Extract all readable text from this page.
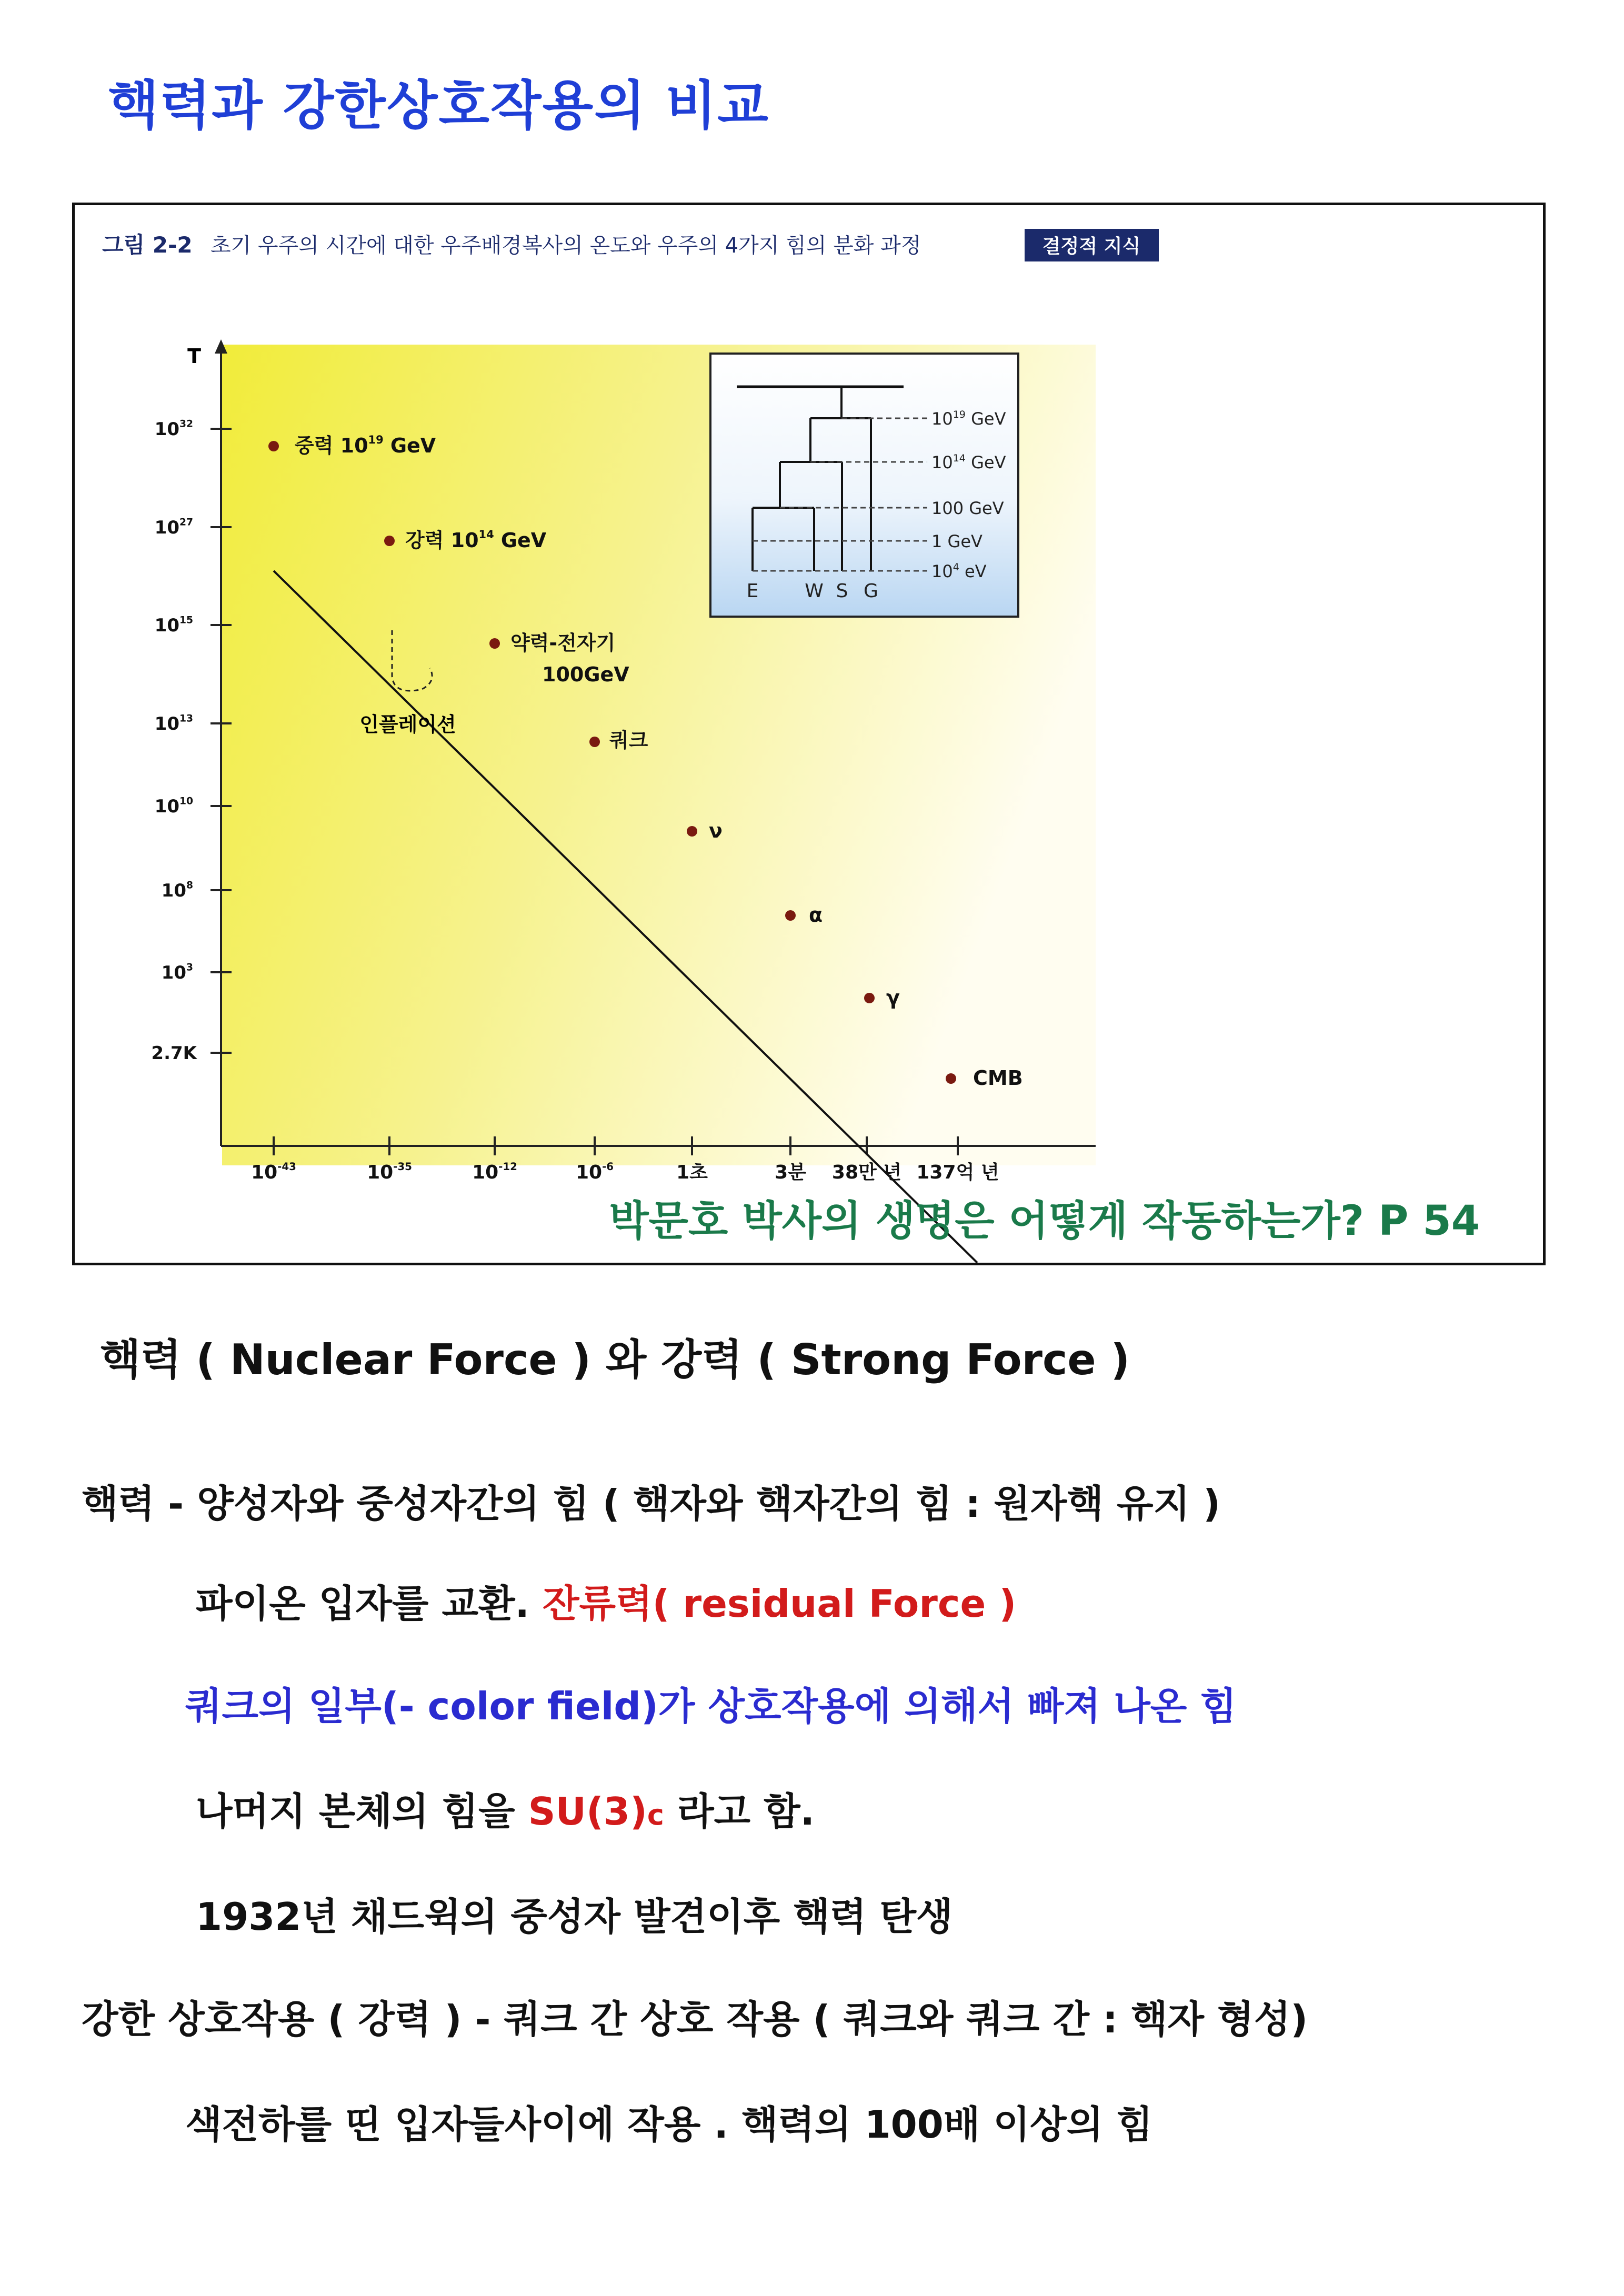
핵력과 강한상호작용의 비교
그림 2-2 초기 우주의 시간에 대한 우주배경복사의 온도와 우주의 4가지 힘의 분화 과정	결정적 지식
T
$10^{32}$
$10^{27}$
$10^{15}$
$10^{13}$
$10^{10}$
$10^8$
$10^3$
2.7K
$10^{-43}$	$10^{-35}$	$10^{-12}$	$10^{-6}$	1초	3분 38만 년 137억 년
중력 $10^{19}$ GeV
강력 $10^{14}$ GeV
약력-전자기
100GeV
쿼크
ν
α
γ
CMB
인플레이션
$10^{19}$ GeV
$10^{14}$ GeV
100 GeV
1 GeV
$10^4$ eV
E W S G
박문호 박사의 생명은 어떻게 작동하는가? P 54
핵력 ( Nuclear Force ) 와 강력 ( Strong Force )
핵력 - 양성자와 중성자간의 힘 ( 핵자와 핵자간의 힘 : 원자핵 유지 )
파이온 입자를 교환. 잔류력( residual Force )
쿼크의 일부(- color field)가 상호작용에 의해서 빠져 나온 힘
나머지 본체의 힘을 SU(3)c 라고 함.
1932년 채드윅의 중성자 발견이후 핵력 탄생
강한 상호작용 ( 강력 ) - 쿼크 간 상호 작용 ( 쿼크와 쿼크 간 : 핵자 형성)
색전하를 띤 입자들사이에 작용 . 핵력의 100배 이상의 힘
